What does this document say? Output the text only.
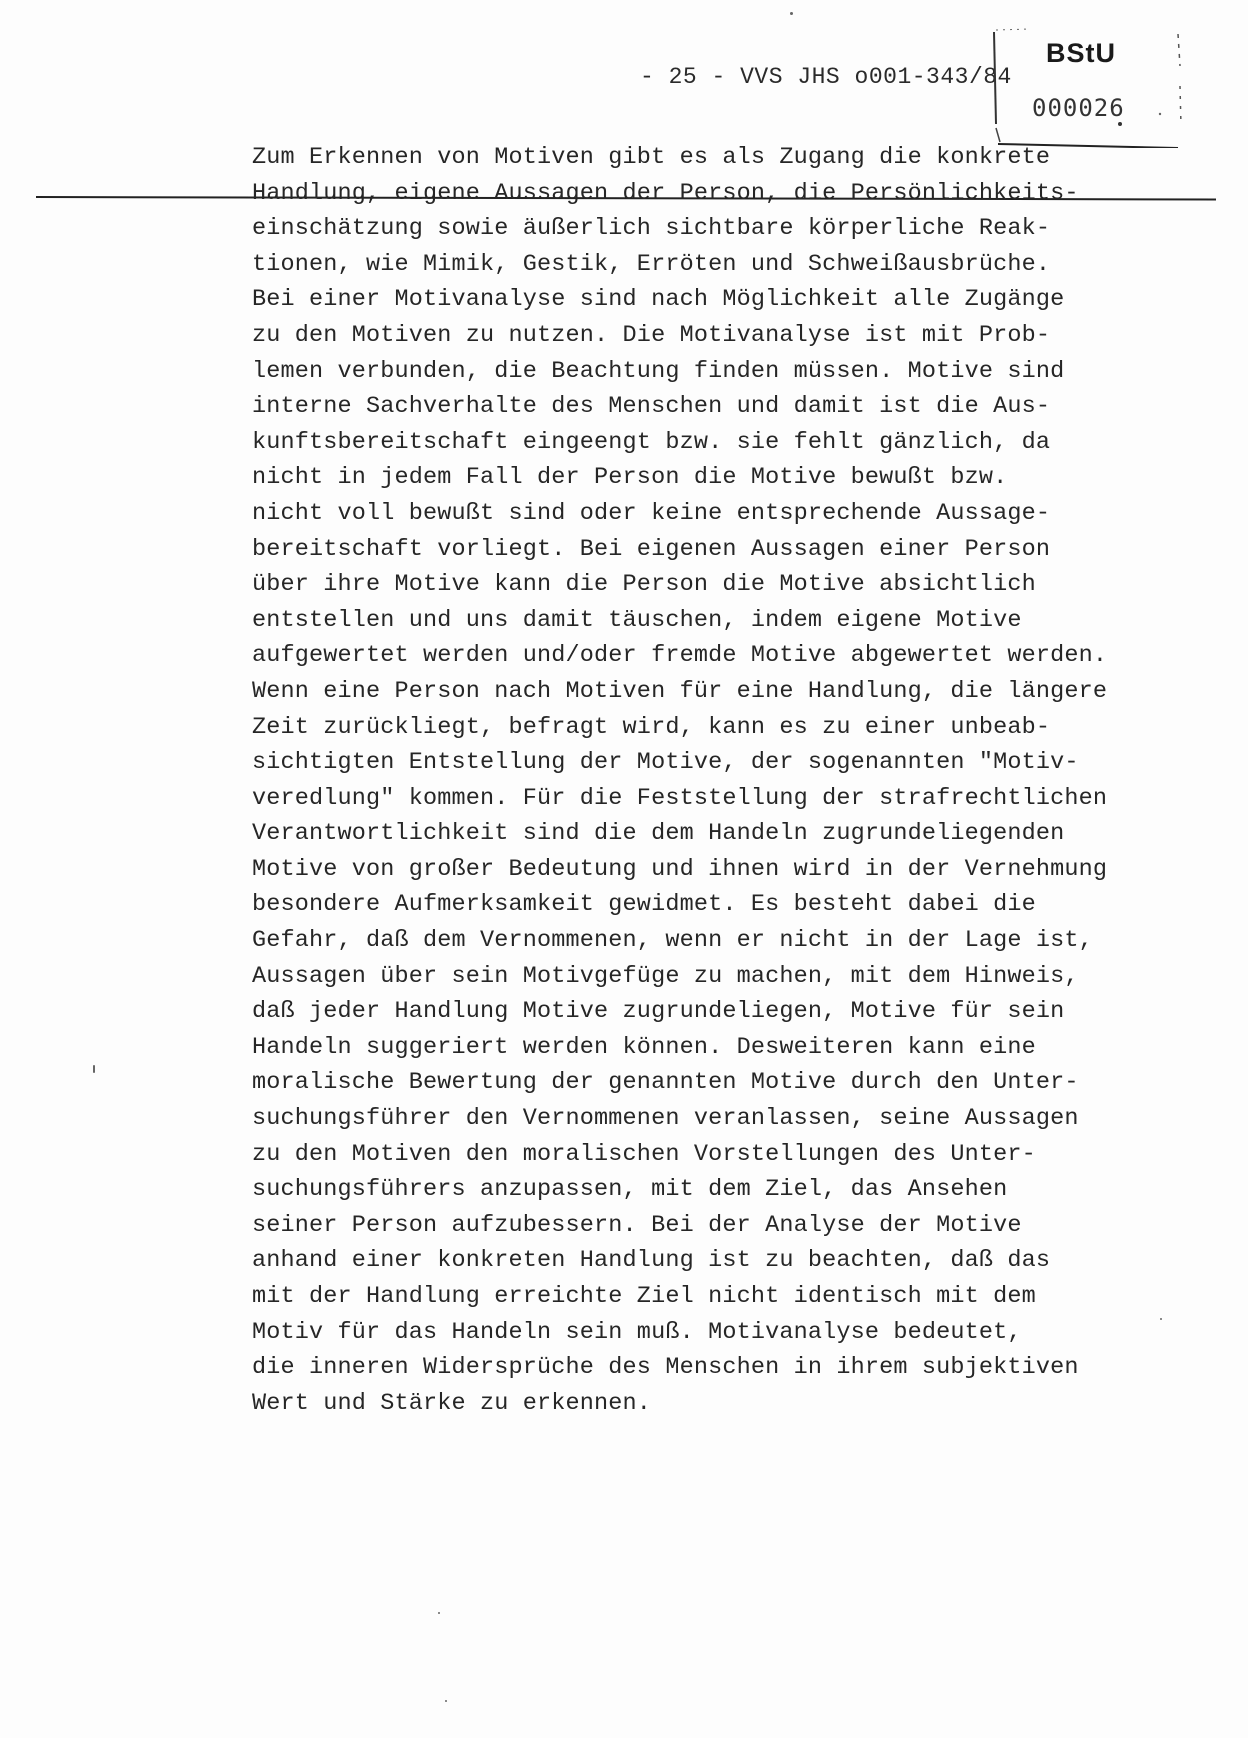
- 25 - VVS JHS o001-343/84
BStU
000026
Zum Erkennen von Motiven gibt es als Zugang die konkrete
Handlung, eigene Aussagen der Person, die Persönlichkeits-
einschätzung sowie äußerlich sichtbare körperliche Reak-
tionen, wie Mimik, Gestik, Erröten und Schweißausbrüche.
Bei einer Motivanalyse sind nach Möglichkeit alle Zugänge
zu den Motiven zu nutzen. Die Motivanalyse ist mit Prob-
lemen verbunden, die Beachtung finden müssen. Motive sind
interne Sachverhalte des Menschen und damit ist die Aus-
kunftsbereitschaft eingeengt bzw. sie fehlt gänzlich, da
nicht in jedem Fall der Person die Motive bewußt bzw.
nicht voll bewußt sind oder keine entsprechende Aussage-
bereitschaft vorliegt. Bei eigenen Aussagen einer Person
über ihre Motive kann die Person die Motive absichtlich
entstellen und uns damit täuschen, indem eigene Motive
aufgewertet werden und/oder fremde Motive abgewertet werden.
Wenn eine Person nach Motiven für eine Handlung, die längere
Zeit zurückliegt, befragt wird, kann es zu einer unbeab-
sichtigten Entstellung der Motive, der sogenannten "Motiv-
veredlung" kommen. Für die Feststellung der strafrechtlichen
Verantwortlichkeit sind die dem Handeln zugrundeliegenden
Motive von großer Bedeutung und ihnen wird in der Vernehmung
besondere Aufmerksamkeit gewidmet. Es besteht dabei die
Gefahr, daß dem Vernommenen, wenn er nicht in der Lage ist,
Aussagen über sein Motivgefüge zu machen, mit dem Hinweis,
daß jeder Handlung Motive zugrundeliegen, Motive für sein
Handeln suggeriert werden können. Desweiteren kann eine
moralische Bewertung der genannten Motive durch den Unter-
suchungsführer den Vernommenen veranlassen, seine Aussagen
zu den Motiven den moralischen Vorstellungen des Unter-
suchungsführers anzupassen, mit dem Ziel, das Ansehen
seiner Person aufzubessern. Bei der Analyse der Motive
anhand einer konkreten Handlung ist zu beachten, daß das
mit der Handlung erreichte Ziel nicht identisch mit dem
Motiv für das Handeln sein muß. Motivanalyse bedeutet,
die inneren Widersprüche des Menschen in ihrem subjektiven
Wert und Stärke zu erkennen.
